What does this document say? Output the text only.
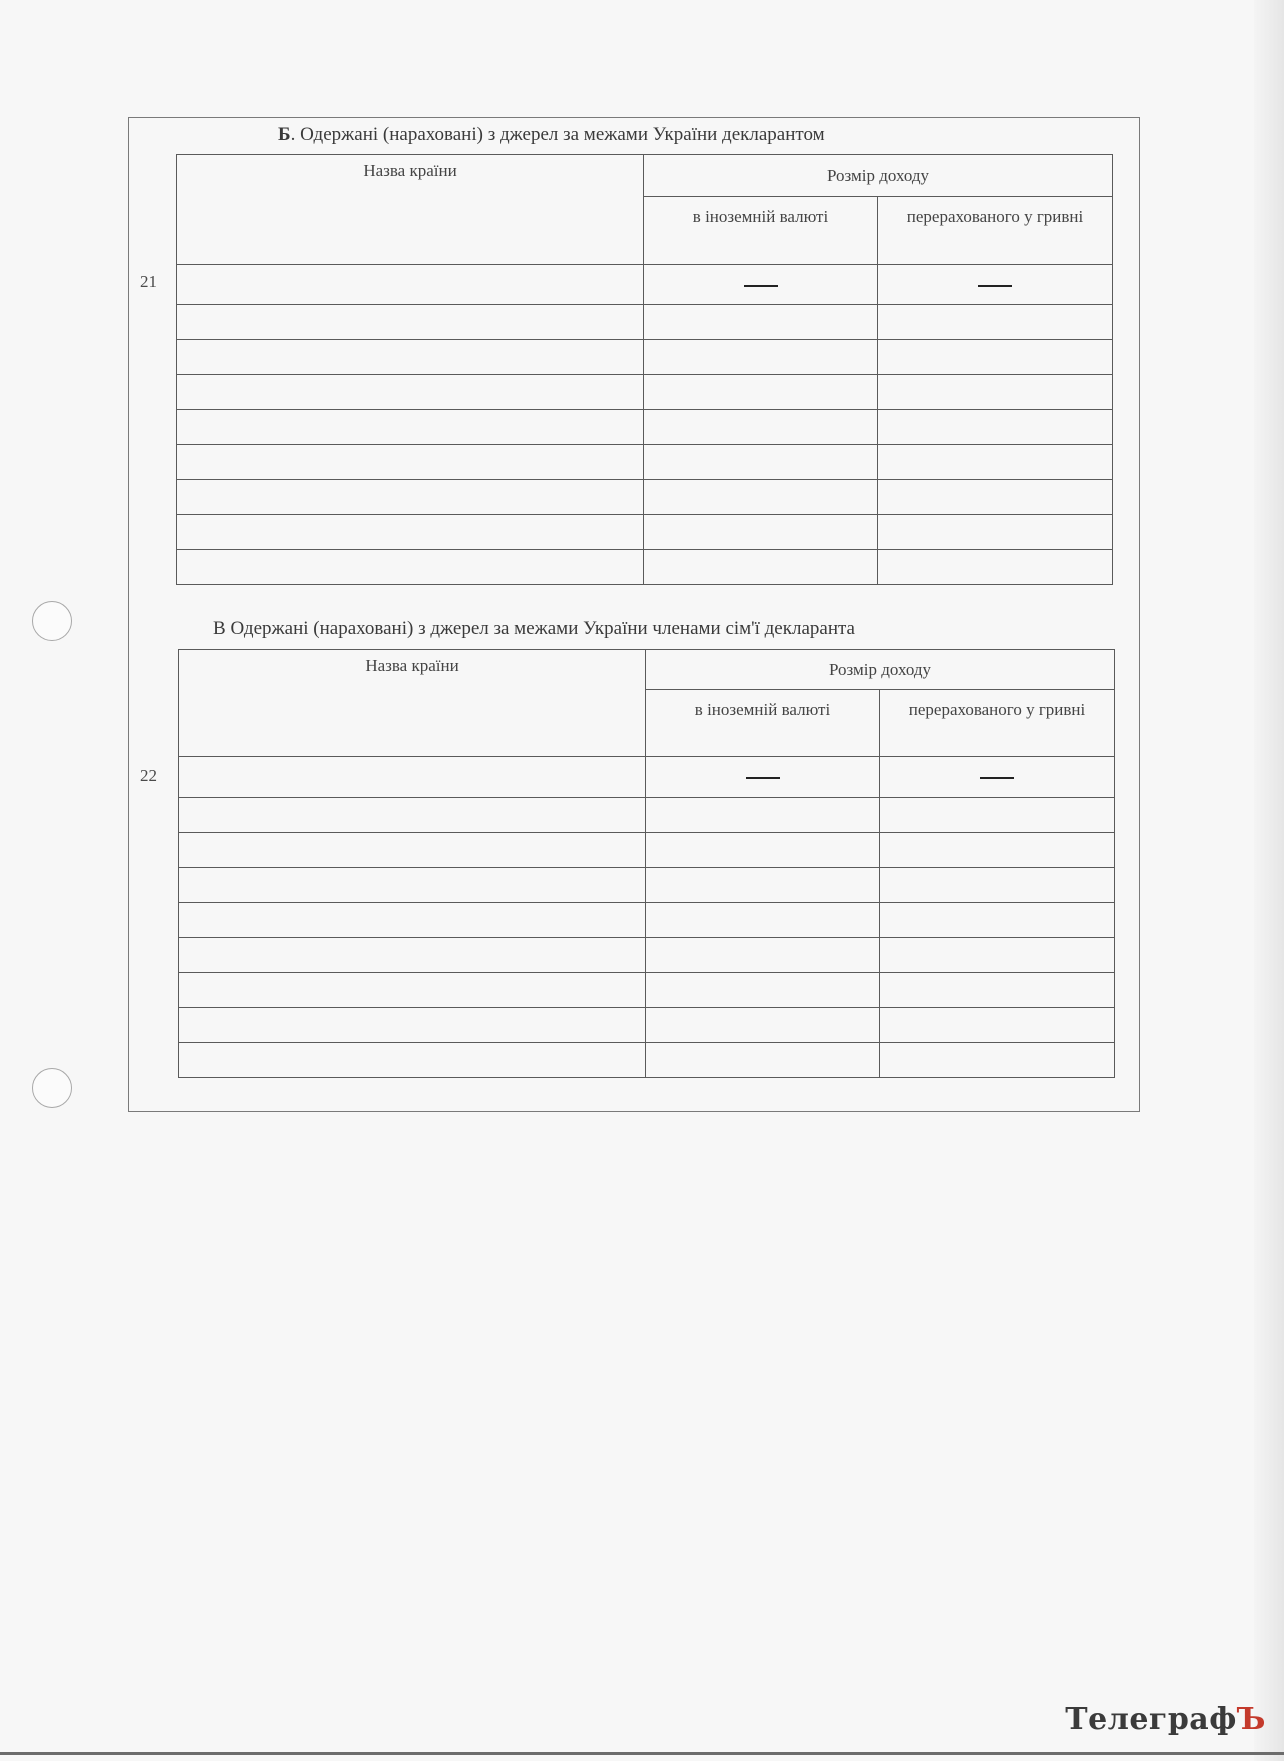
Б. Одержані (нараховані) з джерел за межами України декларантом
21
Назва країни	Розмір доходу	
	в іноземній валюті	перерахованого у гривні

В Одержані (нараховані) з джерел за межами України членами сім'ї декларанта
22
Назва країни	Розмір доходу	
	в іноземній валюті	перерахованого у гривні

ТелеграфЪ
